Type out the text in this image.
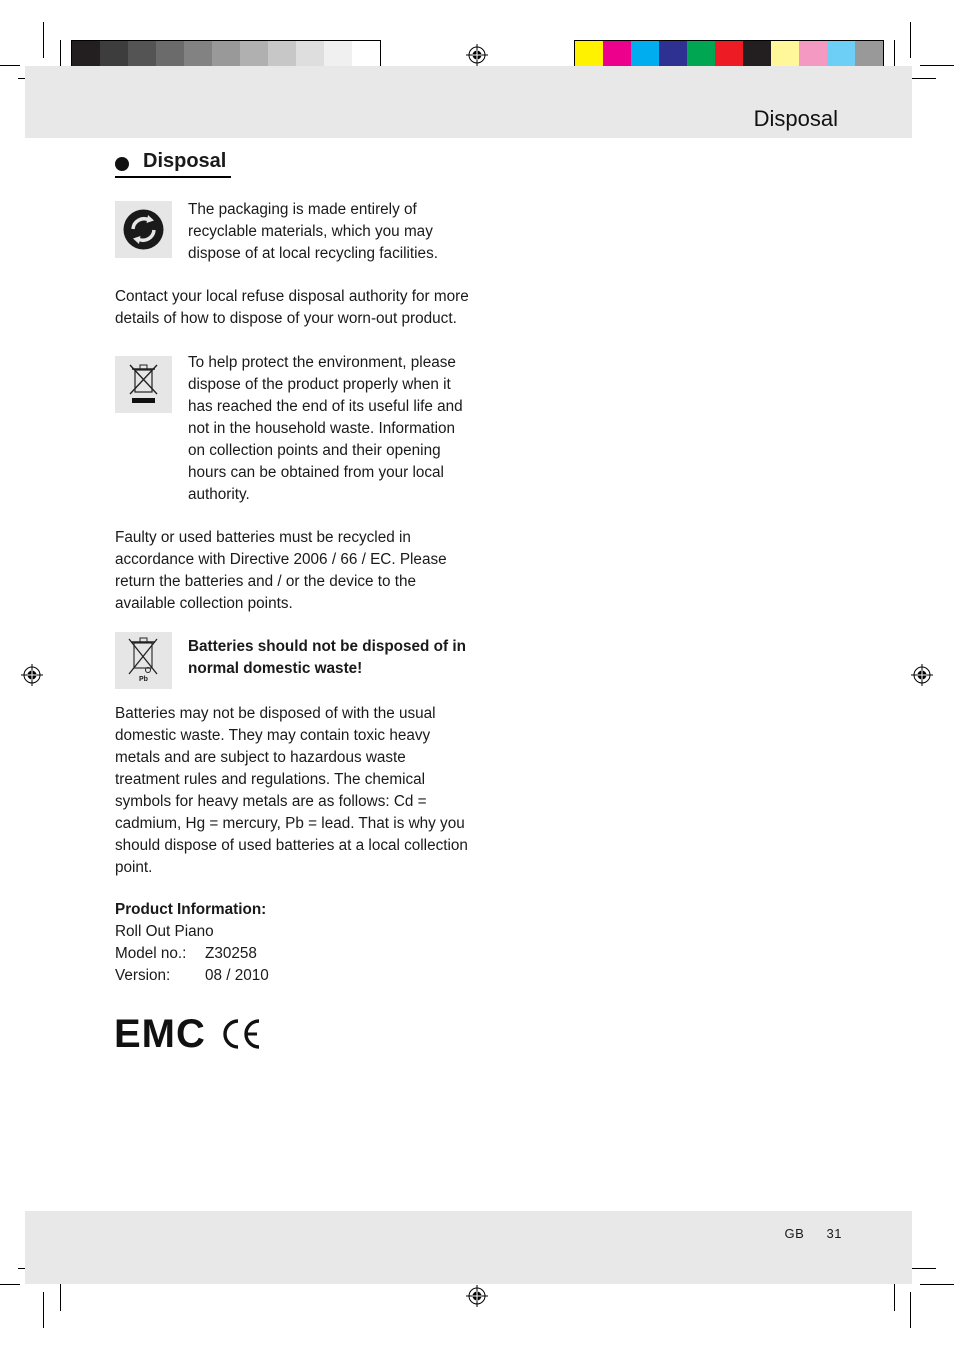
Disposal
Disposal
The packaging is made entirely of recyclable materials, which you may dispose of at local recycling facilities.
Contact your local refuse disposal authority for more details of how to dispose of your worn-out product.
To help protect the environment, please dispose of the product properly when it has reached the end of its useful life and not in the household waste. Information on collection points and their opening hours can be obtained from your local authority.
Faulty or used batteries must be recycled in accordance with Directive 2006 / 66 / EC. Please return the batteries and / or the device to the available collection points.
Pb
Batteries should not be disposed of in normal domestic waste!
Batteries may not be disposed of with the usual domestic waste. They may contain toxic heavy metals and are subject to hazardous waste treatment rules and regulations. The chemical symbols for heavy metals are as follows: Cd = cadmium, Hg = mercury, Pb = lead. That is why you should dispose of used batteries at a local collection point.
Product Information:
Roll Out Piano
Model no.:	Z30258
Version:	08 / 2010
EMC
GB 31
